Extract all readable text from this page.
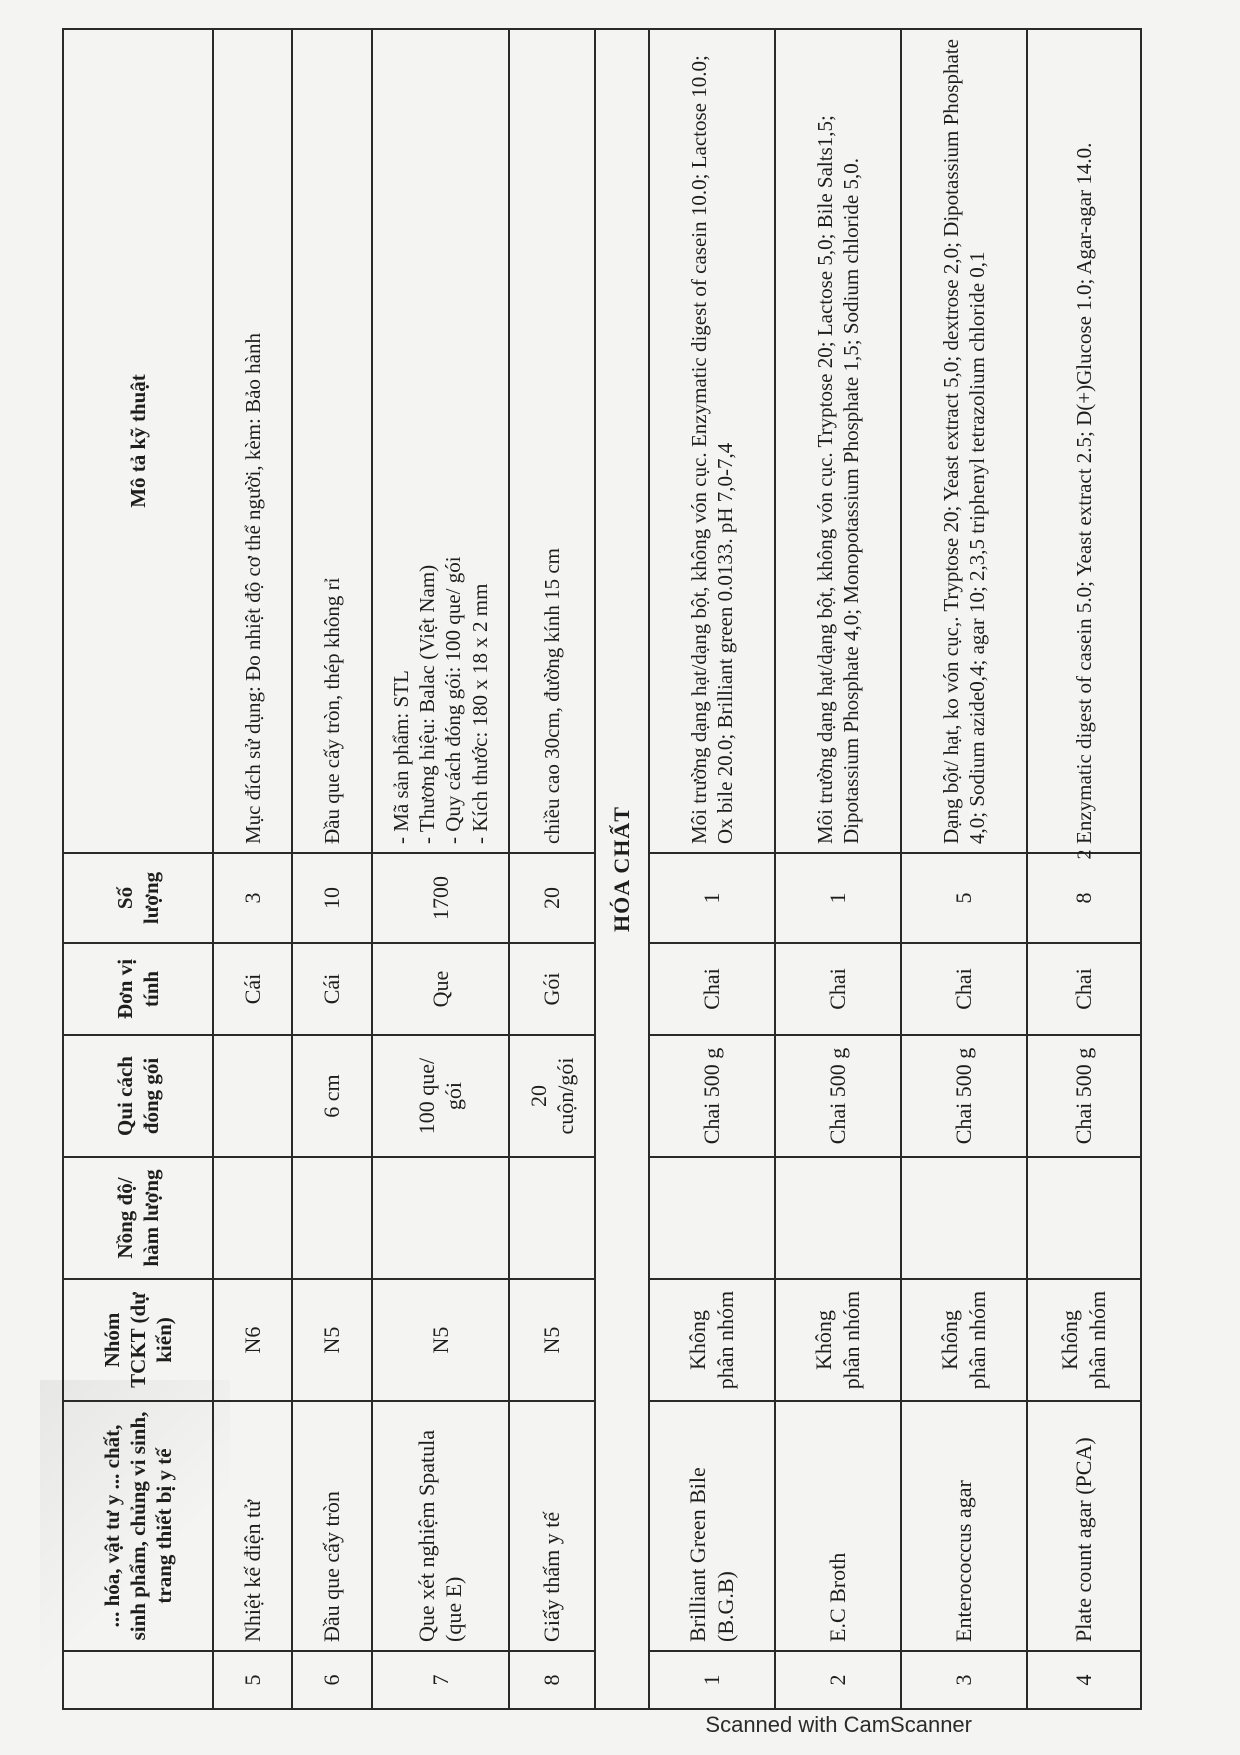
	... hóa, vật tư y ... chất, sinh phẩm, chủng vi sinh, trang thiết bị y tế	Nhóm TCKT (dự kiến)	Nồng độ/ hàm lượng	Qui cách đóng gói	Đơn vị tính	Số lượng	Mô tả kỹ thuật
5	Nhiệt kế điện tử	N6			Cái	3	Mục đích sử dụng: Đo nhiệt độ cơ thể người, kèm: Bảo hành

6	Đầu que cấy tròn	N5		6 cm	Cái	10	Đầu que cấy tròn, thép không rỉ

7	Que xét nghiệm Spatula (que E)	N5		100 que/ gói	Que	1700	- Mã sản phẩm: STL - Thương hiệu: Balac (Việt Nam) - Quy cách đóng gói: 100 que/ gói - Kích thước: 180 x 18 x 2 mm

8	Giấy thấm y tế	N5		20 cuộn/gói	Gói	20	chiều cao 30cm, đường kính 15 cm

HÓA CHẤT							
1	Brilliant Green Bile (B.G.B)	Không phân nhóm		Chai 500 g	Chai	1	Môi trường dạng hạt/dạng bột, không vón cục. Enzymatic digest of casein 10.0; Lactose 10.0; Ox bile 20.0; Brilliant green 0.0133. pH 7,0-7,4

2	E.C Broth	Không phân nhóm		Chai 500 g	Chai	1	Môi trường dạng hạt/dạng bột, không vón cục. Tryptose 20; Lactose 5,0; Bile Salts1,5; Dipotassium Phosphate 4,0; Monopotassium Phosphate 1,5; Sodium chloride 5,0.

3	Enterococcus agar	Không phân nhóm		Chai 500 g	Chai	5	Dạng bột/ hạt, ko vón cục,. Tryptose 20; Yeast extract 5,0; dextrose 2,0; Dipotassium Phosphate 4,0; Sodium azide0,4; agar 10; 2,3,5 triphenyl tetrazolium chloride 0,1

4	Plate count agar (PCA)	Không phân nhóm		Chai 500 g	Chai	8	Enzymatic digest of casein 5.0; Yeast extract 2.5; D(+)Glucose 1.0; Agar-agar 14.0.
2
Scanned with CamScanner
